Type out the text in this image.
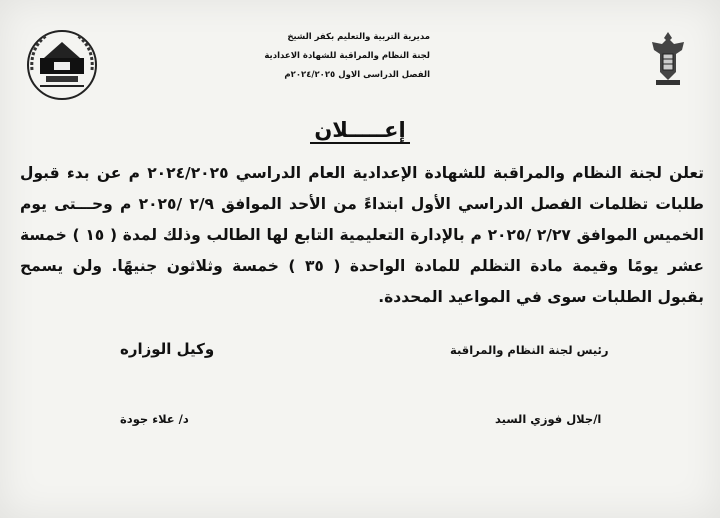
مديرية التربية والتعليم بكفر الشيخ
لجنة النظام والمراقبة للشهادة الاعدادية
الفصل الدراسى الاول ٢٠٢٤/٢٠٢٥م
إعـــــلان
تعلن لجنة النظام والمراقبة للشهادة الإعدادية العام الدراسي ٢٠٢٤/٢٠٢٥ م عن بدء قبول
طلبات تظلمات الفصل الدراسي الأول ابتداءً من الأحد الموافق ٢/٩ /٢٠٢٥ م وحـــتى يوم
الخميس الموافق ٢/٢٧ /٢٠٢٥ م بالإدارة التعليمية التابع لها الطالب وذلك لمدة ( ١٥ ) خمسة
عشر يومًا وقيمة مادة التظلم للمادة الواحدة ( ٣٥ ) خمسة وثلاثون جنيهًا. ولن يسمح
بقبول الطلبات سوى في المواعيد المحددة.
رئيس لجنة النظام والمراقبة
وكيل الوزاره
ا/جلال فوزي السيد
د/ علاء جودة
